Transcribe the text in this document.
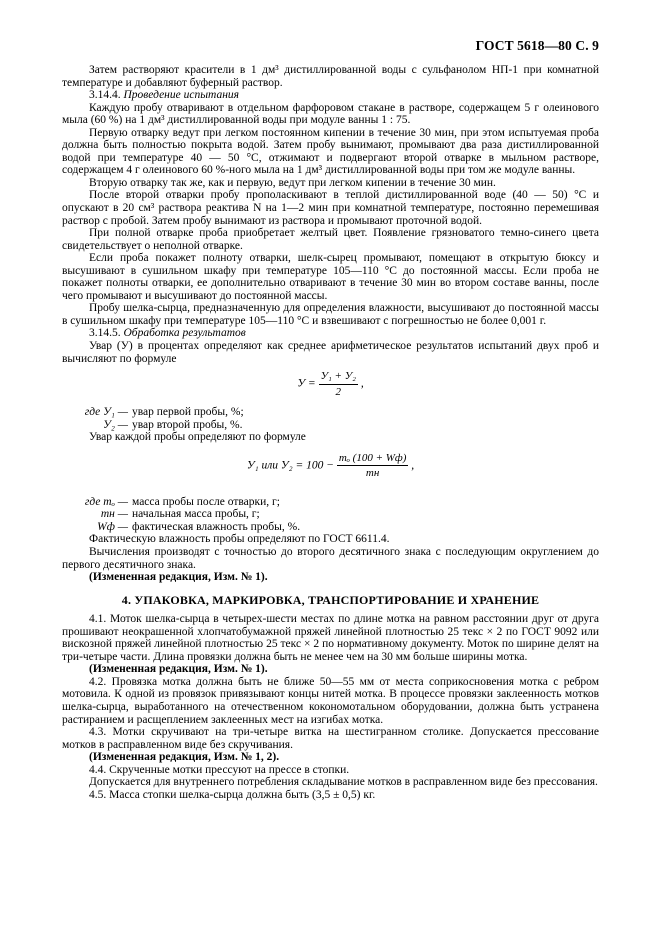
ГОСТ 5618—80 С. 9

Затем растворяют красители в 1 дм³ дистиллированной воды с сульфанолом НП-1 при комнатной температуре и добавляют буферный раствор.

3.14.4. Проведение испытания

Каждую пробу отваривают в отдельном фарфоровом стакане в растворе, содержащем 5 г олеинового мыла (60 %) на 1 дм³ дистиллированной воды при модуле ванны 1 : 75.

Первую отварку ведут при легком постоянном кипении в течение 30 мин, при этом испытуемая проба должна быть полностью покрыта водой. Затем пробу вынимают, промывают два раза дистиллированной водой при температуре 40 — 50 °С, отжимают и подвергают второй отварке в мыльном растворе, содержащем 4 г олеинового 60 %-ного мыла на 1 дм³ дистиллированной воды при том же модуле ванны.

Вторую отварку так же, как и первую, ведут при легком кипении в течение 30 мин.

После второй отварки пробу прополаскивают в теплой дистиллированной воде (40 — 50) °С и опускают в 20 см³ раствора реактива N на 1—2 мин при комнатной температуре, постоянно перемешивая раствор с пробой. Затем пробу вынимают из раствора и промывают проточной водой.

При полной отварке проба приобретает желтый цвет. Появление грязноватого темно-синего цвета свидетельствует о неполной отварке.

Если проба покажет полноту отварки, шелк-сырец промывают, помещают в открытую бюксу и высушивают в сушильном шкафу при температуре 105—110 °С до постоянной массы. Если проба не покажет полноты отварки, ее дополнительно отваривают в течение 30 мин во втором составе ванны, после чего промывают и высушивают до постоянной массы.

Пробу шелка-сырца, предназначенную для определения влажности, высушивают до постоянной массы в сушильном шкафу при температуре 105—110 °С и взвешивают с погрешностью не более 0,001 г.

3.14.5. Обработка результатов

Увар (У) в процентах определяют как среднее арифметическое результатов испытаний двух проб и вычисляют по формуле

$У = \frac{\text{У₁ + У₂}}{2}$ ,
где У₁ — увар первой пробы, %;
У₂ — увар второй пробы, %.

Увар каждой пробы определяют по формуле

У₁ или $У_2 = 100 - \frac{\text{mₒ (100 + Wф)}}{mн}$ ,
где mₒ — масса пробы после отварки, г;
mн — начальная масса пробы, г;
Wф — фактическая влажность пробы, %.

Фактическую влажность пробы определяют по ГОСТ 6611.4.

Вычисления производят с точностью до второго десятичного знака с последующим округлением до первого десятичного знака.

(Измененная редакция, Изм. № 1).

4. УПАКОВКА, МАРКИРОВКА, ТРАНСПОРТИРОВАНИЕ И ХРАНЕНИЕ

4.1. Моток шелка-сырца в четырех-шести местах по длине мотка на равном расстоянии друг от друга прошивают неокрашенной хлопчатобумажной пряжей линейной плотностью 25 текс × 2 по ГОСТ 9092 или вискозной пряжей линейной плотностью 25 текс × 2 по нормативному документу. Моток по ширине делят на три-четыре части. Длина провязки должна быть не менее чем на 30 мм больше ширины мотка.

(Измененная редакция, Изм. № 1).

4.2. Провязка мотка должна быть не ближе 50—55 мм от места соприкосновения мотка с ребром мотовила. К одной из провязок привязывают концы нитей мотка. В процессе провязки заклеенность мотков шелка-сырца, выработанного на отечественном кокономотальном оборудовании, должна быть устранена растиранием и расщеплением заклеенных мест на изгибах мотка.

4.3. Мотки скручивают на три-четыре витка на шестигранном столике. Допускается прессование мотков в расправленном виде без скручивания.

(Измененная редакция, Изм. № 1, 2).

4.4. Скрученные мотки прессуют на прессе в стопки.

Допускается для внутреннего потребления складывание мотков в расправленном виде без прессования.

4.5. Масса стопки шелка-сырца должна быть (3,5 ± 0,5) кг.
